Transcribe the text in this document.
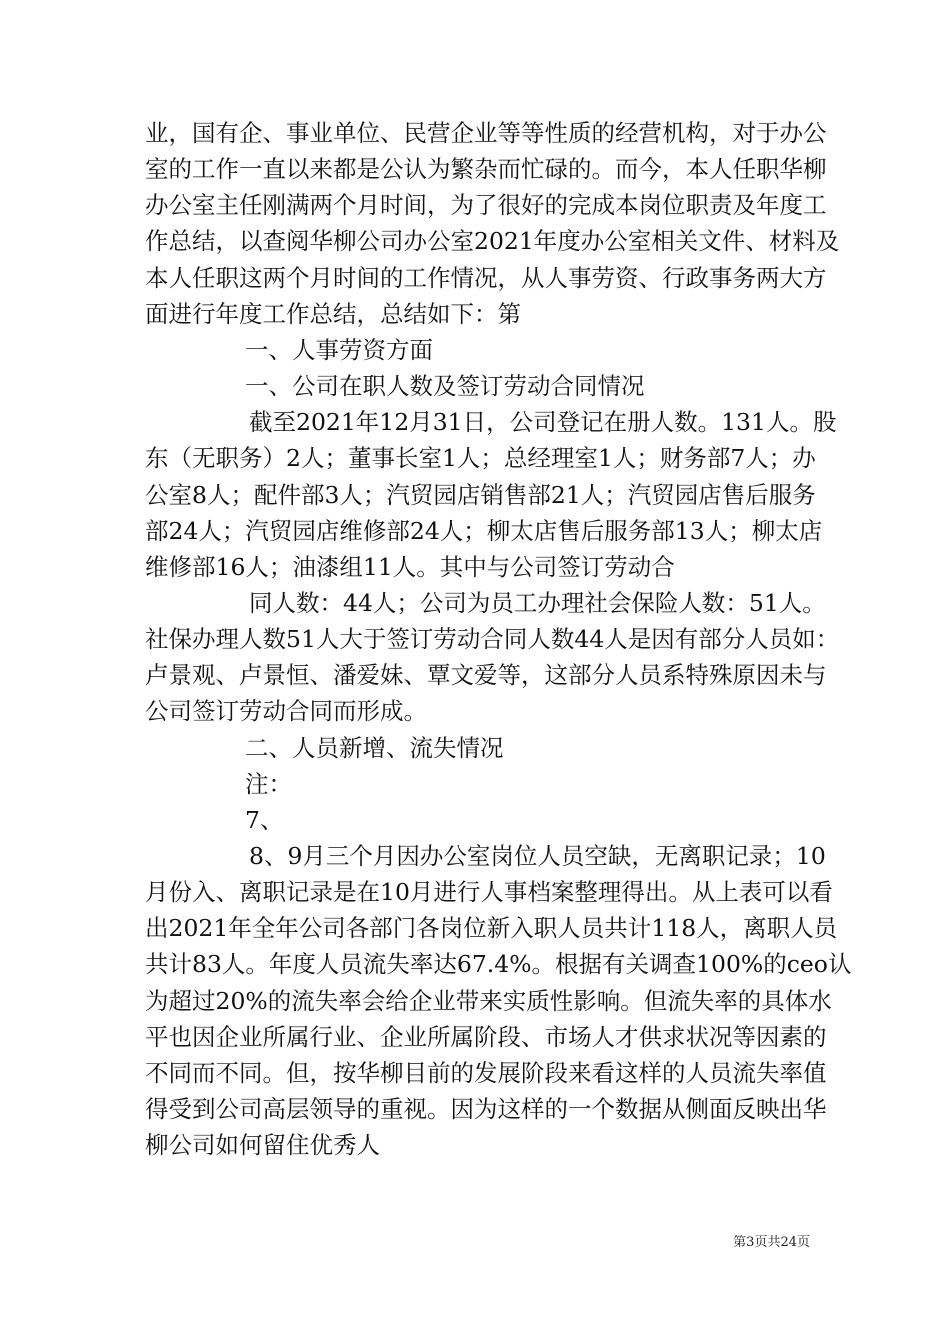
业，国有企、事业单位、民营企业等等性质的经营机构，对于办公
室的工作一直以来都是公认为繁杂而忙碌的。而今，本人任职华柳
办公室主任刚满两个月时间，为了很好的完成本岗位职责及年度工
作总结，以查阅华柳公司办公室2021年度办公室相关文件、材料及
本人任职这两个月时间的工作情况，从人事劳资、行政事务两大方
面进行年度工作总结，总结如下：第
一、人事劳资方面
一、公司在职人数及签订劳动合同情况
截至2021年12月31日，公司登记在册人数。131人。股
东（无职务）2人；董事长室1人；总经理室1人；财务部7人；办
公室8人；配件部3人；汽贸园店销售部21人；汽贸园店售后服务
部24人；汽贸园店维修部24人；柳太店售后服务部13人；柳太店
维修部16人；油漆组11人。其中与公司签订劳动合
同人数：44人；公司为员工办理社会保险人数：51人。
社保办理人数51人大于签订劳动合同人数44人是因有部分人员如：
卢景观、卢景恒、潘爱妹、覃文爱等，这部分人员系特殊原因未与
公司签订劳动合同而形成。
二、人员新增、流失情况
注：
7、
8、9月三个月因办公室岗位人员空缺，无离职记录；10
月份入、离职记录是在10月进行人事档案整理得出。从上表可以看
出2021年全年公司各部门各岗位新入职人员共计118人，离职人员
共计83人。年度人员流失率达67.4%。根据有关调查100%的ceo认
为超过20%的流失率会给企业带来实质性影响。但流失率的具体水
平也因企业所属行业、企业所属阶段、市场人才供求状况等因素的
不同而不同。但，按华柳目前的发展阶段来看这样的人员流失率值
得受到公司高层领导的重视。因为这样的一个数据从侧面反映出华
柳公司如何留住优秀人
第3页共24页
